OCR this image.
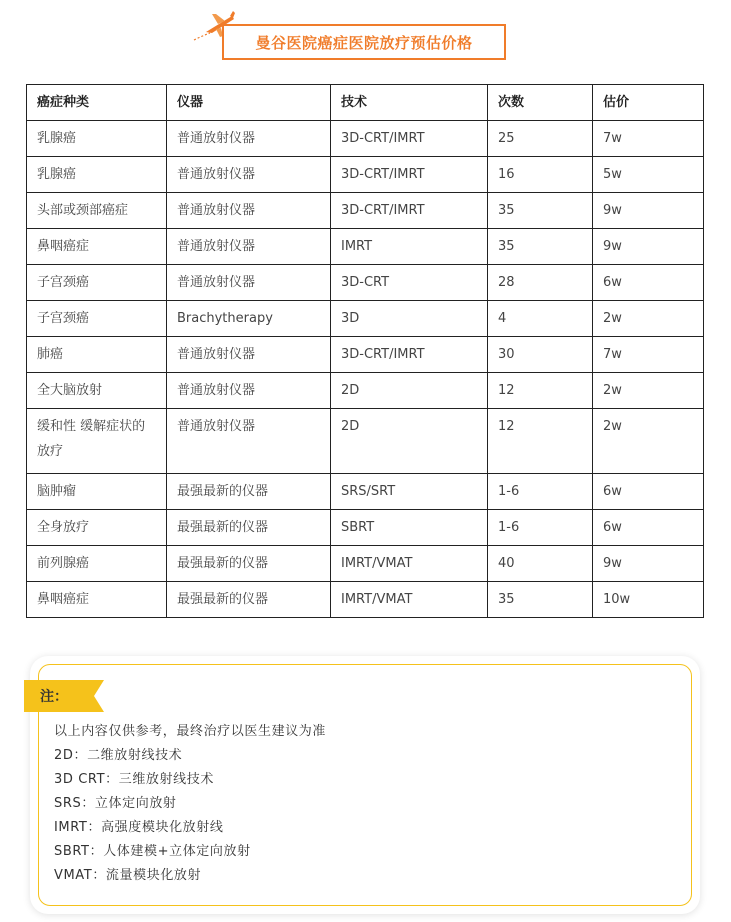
曼谷医院癌症医院放疗预估价格
癌症种类	仪器	技术	次数	估价
乳腺癌	普通放射仪器	3D-CRT/IMRT	25	7w
乳腺癌	普通放射仪器	3D-CRT/IMRT	16	5w
头部或颈部癌症	普通放射仪器	3D-CRT/IMRT	35	9w
鼻咽癌症	普通放射仪器	IMRT	35	9w
子宫颈癌	普通放射仪器	3D-CRT	28	6w
子宫颈癌	Brachytherapy	3D	4	2w
肺癌	普通放射仪器	3D-CRT/IMRT	30	7w
全大脑放射	普通放射仪器	2D	12	2w
缓和性 缓解症状的放疗	普通放射仪器	2D	12	2w
脑肿瘤	最强最新的仪器	SRS/SRT	1-6	6w
全身放疗	最强最新的仪器	SBRT	1-6	6w
前列腺癌	最强最新的仪器	IMRT/VMAT	40	9w
鼻咽癌症	最强最新的仪器	IMRT/VMAT	35	10w
注：
以上内容仅供参考，最终治疗以医生建议为准
2D：二维放射线技术
3D CRT：三维放射线技术
SRS：立体定向放射
IMRT：高强度模块化放射线
SBRT：人体建模+立体定向放射
VMAT：流量模块化放射
